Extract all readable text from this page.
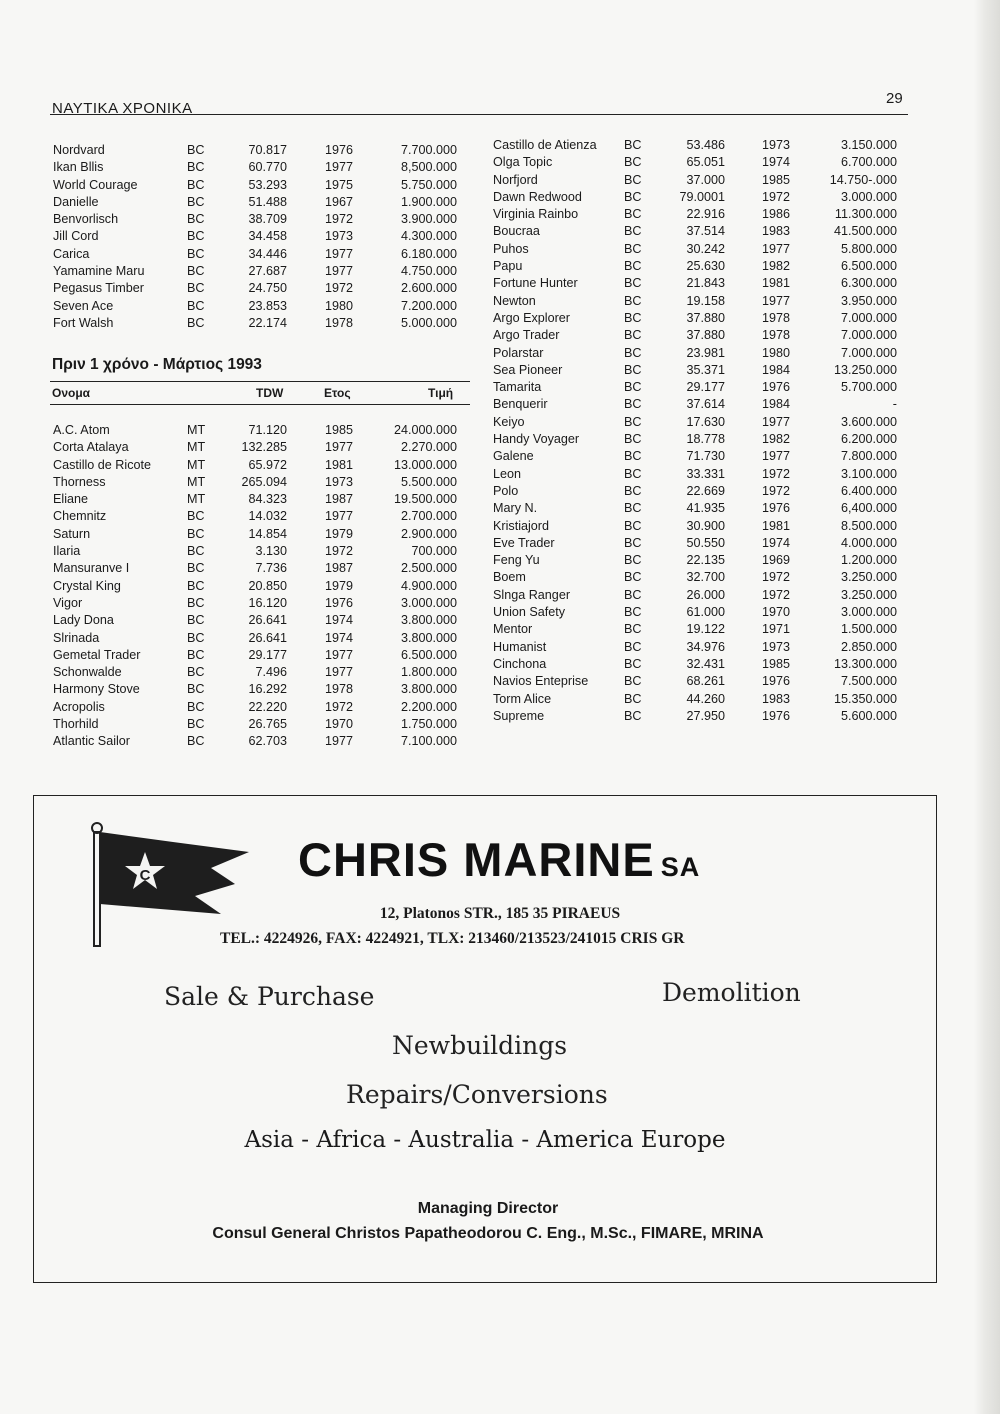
ΝΑΥΤΙΚΑ ΧΡΟΝΙΚΑ
29
Nordvard	BC	70.817	1976	7.700.000
Ikan Bllis	BC	60.770	1977	8,500.000
World Courage	BC	53.293	1975	5.750.000
Danielle	BC	51.488	1967	1.900.000
Benvorlisch	BC	38.709	1972	3.900.000
Jill Cord	BC	34.458	1973	4.300.000
Carica	BC	34.446	1977	6.180.000
Yamamine Maru	BC	27.687	1977	4.750.000
Pegasus Timber	BC	24.750	1972	2.600.000
Seven Ace	BC	23.853	1980	7.200.000
Fort Walsh	BC	22.174	1978	5.000.000
Πριν 1 χρόνο - Μάρτιος 1993
Ονομα	TDW	Ετος	Τιμή
A.C. Atom	MT	71.120	1985	24.000.000
Corta Atalaya	MT	132.285	1977	2.270.000
Castillo de Ricote	MT	65.972	1981	13.000.000
Thorness	MT	265.094	1973	5.500.000
Eliane	MT	84.323	1987	19.500.000
Chemnitz	BC	14.032	1977	2.700.000
Saturn	BC	14.854	1979	2.900.000
Ilaria	BC	3.130	1972	700.000
Mansuranve I	BC	7.736	1987	2.500.000
Crystal King	BC	20.850	1979	4.900.000
Vigor	BC	16.120	1976	3.000.000
Lady Dona	BC	26.641	1974	3.800.000
Slrinada	BC	26.641	1974	3.800.000
Gemetal Trader	BC	29.177	1977	6.500.000
Schonwalde	BC	7.496	1977	1.800.000
Harmony Stove	BC	16.292	1978	3.800.000
Acropolis	BC	22.220	1972	2.200.000
Thorhild	BC	26.765	1970	1.750.000
Atlantic Sailor	BC	62.703	1977	7.100.000
Castillo de Atienza BC	53.486	1973	3.150.000
Olga Topic	BC	65.051	1974	6.700.000
Norfjord	BC	37.000	1985	14.750-.000
Dawn Redwood	BC	79.0001	1972	3.000.000
Virginia Rainbo	BC	22.916	1986	11.300.000
Boucraa	BC	37.514	1983	41.500.000
Puhos	BC	30.242	1977	5.800.000
Papu	BC	25.630	1982	6.500.000
Fortune Hunter	BC	21.843	1981	6.300.000
Newton	BC	19.158	1977	3.950.000
Argo Explorer	BC	37.880	1978	7.000.000
Argo Trader	BC	37.880	1978	7.000.000
Polarstar	BC	23.981	1980	7.000.000
Sea Pioneer	BC	35.371	1984	13.250.000
Tamarita	BC	29.177	1976	5.700.000
Benquerir	BC	37.614	1984	-
Keiyo	BC	17.630	1977	3.600.000
Handy Voyager	BC	18.778	1982	6.200.000
Galene	BC	71.730	1977	7.800.000
Leon	BC	33.331	1972	3.100.000
Polo	BC	22.669	1972	6.400.000
Mary N.	BC	41.935	1976	6,400.000
Kristiajord	BC	30.900	1981	8.500.000
Eve Trader	BC	50.550	1974	4.000.000
Feng Yu	BC	22.135	1969	1.200.000
Boem	BC	32.700	1972	3.250.000
Slnga Ranger	BC	26.000	1972	3.250.000
Union Safety	BC	61.000	1970	3.000.000
Mentor	BC	19.122	1971	1.500.000
Humanist	BC	34.976	1973	2.850.000
Cinchona	BC	32.431	1985	13.300.000
Navios Enteprise	BC	68.261	1976	7.500.000
Torm Alice	BC	44.260	1983	15.350.000
Supreme	BC	27.950	1976	5.600.000
C	CHRIS MARINE SA
12, Platonos STR., 185 35 PIRAEUS
TEL.: 4224926, FAX: 4224921, TLX: 213460/213523/241015 CRIS GR
Sale & Purchase	Demolition
Newbuildings
Repairs/Conversions
Asia - Africa - Australia - America Europe
Managing Director
Consul General Christos Papatheodorou C. Eng., M.Sc., FIMARE, MRINA
